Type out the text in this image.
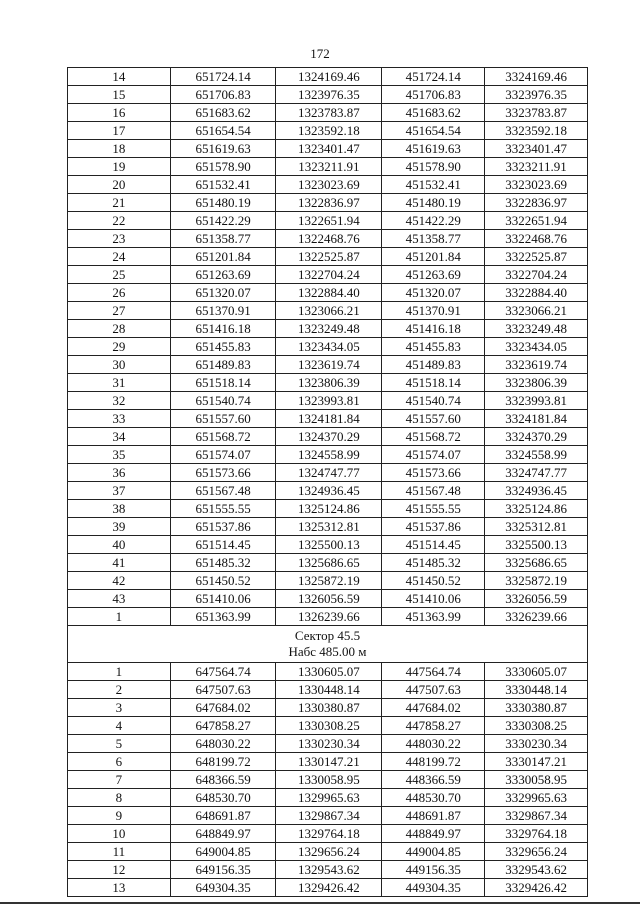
172
14	651724.14	1324169.46	451724.14	3324169.46
15	651706.83	1323976.35	451706.83	3323976.35
16	651683.62	1323783.87	451683.62	3323783.87
17	651654.54	1323592.18	451654.54	3323592.18
18	651619.63	1323401.47	451619.63	3323401.47
19	651578.90	1323211.91	451578.90	3323211.91
20	651532.41	1323023.69	451532.41	3323023.69
21	651480.19	1322836.97	451480.19	3322836.97
22	651422.29	1322651.94	451422.29	3322651.94
23	651358.77	1322468.76	451358.77	3322468.76
24	651201.84	1322525.87	451201.84	3322525.87
25	651263.69	1322704.24	451263.69	3322704.24
26	651320.07	1322884.40	451320.07	3322884.40
27	651370.91	1323066.21	451370.91	3323066.21
28	651416.18	1323249.48	451416.18	3323249.48
29	651455.83	1323434.05	451455.83	3323434.05
30	651489.83	1323619.74	451489.83	3323619.74
31	651518.14	1323806.39	451518.14	3323806.39
32	651540.74	1323993.81	451540.74	3323993.81
33	651557.60	1324181.84	451557.60	3324181.84
34	651568.72	1324370.29	451568.72	3324370.29
35	651574.07	1324558.99	451574.07	3324558.99
36	651573.66	1324747.77	451573.66	3324747.77
37	651567.48	1324936.45	451567.48	3324936.45
38	651555.55	1325124.86	451555.55	3325124.86
39	651537.86	1325312.81	451537.86	3325312.81
40	651514.45	1325500.13	451514.45	3325500.13
41	651485.32	1325686.65	451485.32	3325686.65
42	651450.52	1325872.19	451450.52	3325872.19
43	651410.06	1326056.59	451410.06	3326056.59
1	651363.99	1326239.66	451363.99	3326239.66

Сектор 45.5
Набс 485.00 м				

1	647564.74	1330605.07	447564.74	3330605.07
2	647507.63	1330448.14	447507.63	3330448.14
3	647684.02	1330380.87	447684.02	3330380.87
4	647858.27	1330308.25	447858.27	3330308.25
5	648030.22	1330230.34	448030.22	3330230.34
6	648199.72	1330147.21	448199.72	3330147.21
7	648366.59	1330058.95	448366.59	3330058.95
8	648530.70	1329965.63	448530.70	3329965.63
9	648691.87	1329867.34	448691.87	3329867.34
10	648849.97	1329764.18	448849.97	3329764.18
11	649004.85	1329656.24	449004.85	3329656.24
12	649156.35	1329543.62	449156.35	3329543.62
13	649304.35	1329426.42	449304.35	3329426.42
